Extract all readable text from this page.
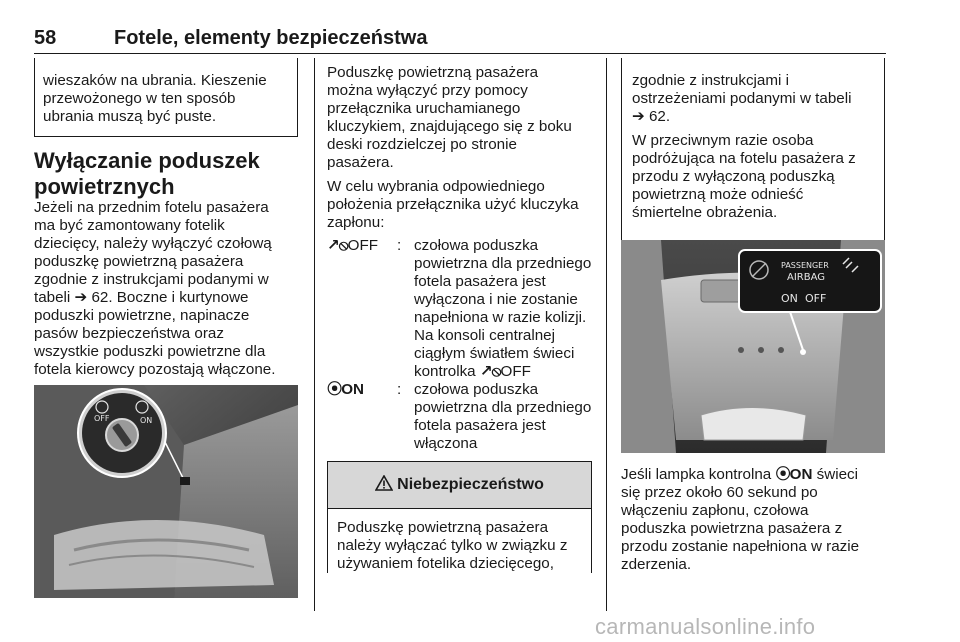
58	Fotele, elementy bezpieczeństwa

wieszaków na ubrania. Kieszenie przewożonego w ten sposób ubrania muszą być puste.

Wyłączanie poduszek
powietrznych

Jeżeli na przednim fotelu pasażera
ma być zamontowany fotelik
dziecięcy, należy wyłączyć czołową
poduszkę powietrzną pasażera
zgodnie z instrukcjami podanymi w
tabeli ➔ 62. Boczne i kurtynowe
poduszki powietrzne, napinacze
pasów bezpieczeństwa oraz
wszystkie poduszki powietrzne dla
fotela kierowcy pozostają włączone.

OFF	ON

Poduszkę powietrzną pasażera
można wyłączyć przy pomocy
przełącznika uruchamianego
kluczykiem, znajdującego się z boku
deski rozdzielczej po stronie
pasażera.

W celu wybrania odpowiedniego
położenia przełącznika użyć kluczyka
zapłonu:

↗⦸OFF : czołowa poduszka
powietrzna dla przedniego
fotela pasażera jest
wyłączona i nie zostanie
napełniona w razie kolizji.
Na konsoli centralnej
ciągłym światłem świeci
kontrolka ↗⦸OFF
⦿ON : czołowa poduszka
powietrzna dla przedniego
fotela pasażera jest
włączona
Niebezpieczeństwo

Poduszkę powietrzną pasażera
należy wyłączać tylko w związku z
używaniem fotelika dziecięcego,

zgodnie z instrukcjami i
ostrzeżeniami podanymi w tabeli
➔ 62.

W przeciwnym razie osoba
podróżująca na fotelu pasażera z
przodu z wyłączoną poduszką
powietrzną może odnieść
śmiertelne obrażenia.

PASSENGER
AIRBAG
ON OFF

Jeśli lampka kontrolna ⦿ON świeci
się przez około 60 sekund po
włączeniu zapłonu, czołowa
poduszka powietrzna pasażera z
przodu zostanie napełniona w razie
zderzenia.

carmanualsonline.info
